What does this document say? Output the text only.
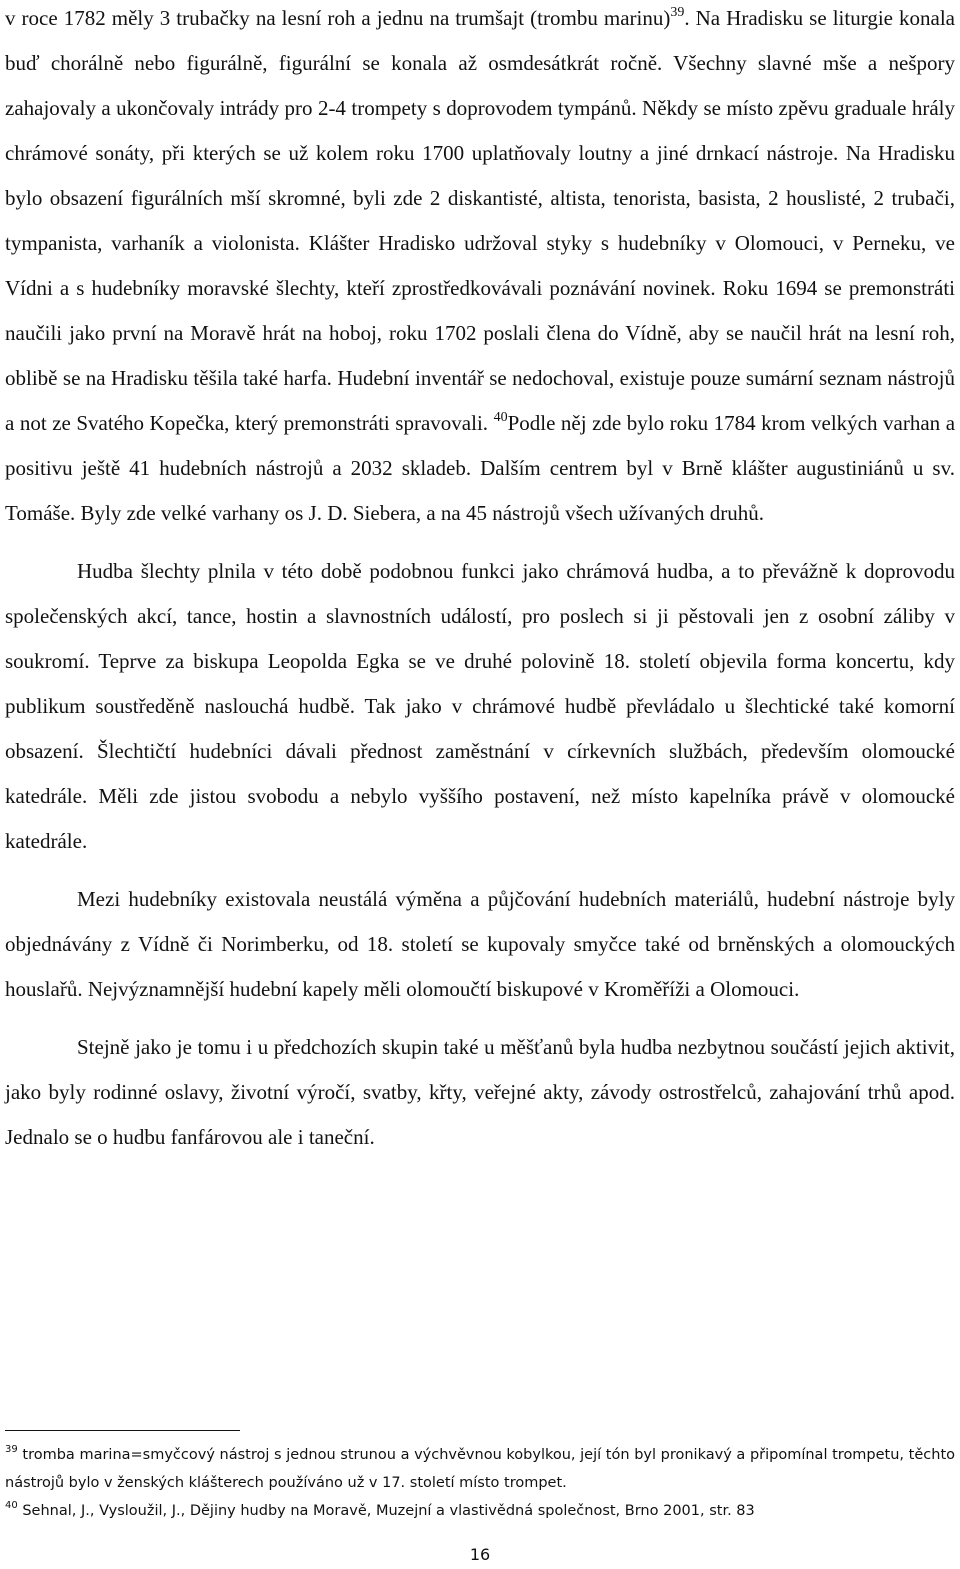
v roce 1782 měly 3 trubačky na lesní roh a jednu na trumšajt (trombu marinu)$^{39}$. Na Hradisku se liturgie konala buď chorálně nebo figurálně, figurální se konala až osmdesátkrát ročně. Všechny slavné mše a nešpory zahajovaly a ukončovaly intrády pro 2-4 trompety s doprovodem tympánů. Někdy se místo zpěvu graduale hrály chrámové sonáty, při kterých se už kolem roku 1700 uplatňovaly loutny a jiné drnkací nástroje. Na Hradisku bylo obsazení figurálních mší skromné, byli zde 2 diskantisté, altista, tenorista, basista, 2 houslisté, 2 trubači, tympanista, varhaník a violonista. Klášter Hradisko udržoval styky s hudebníky v Olomouci, v Perneku, ve Vídni a s hudebníky moravské šlechty, kteří zprostředkovávali poznávání novinek. Roku 1694 se premonstráti naučili jako první na Moravě hrát na hoboj, roku 1702 poslali člena do Vídně, aby se naučil hrát na lesní roh, oblibě se na Hradisku těšila také harfa. Hudební inventář se nedochoval, existuje pouze sumární seznam nástrojů a not ze Svatého Kopečka, který premonstráti spravovali. $^{40}$Podle něj zde bylo roku 1784 krom velkých varhan a positivu ještě 41 hudebních nástrojů a 2032 skladeb. Dalším centrem byl v Brně klášter augustiniánů u sv. Tomáše. Byly zde velké varhany os J. D. Siebera, a na 45 nástrojů všech užívaných druhů.

Hudba šlechty plnila v této době podobnou funkci jako chrámová hudba, a to převážně k doprovodu společenských akcí, tance, hostin a slavnostních událostí, pro poslech si ji pěstovali jen z osobní záliby v soukromí. Teprve za biskupa Leopolda Egka se ve druhé polovině 18. století objevila forma koncertu, kdy publikum soustředěně naslouchá hudbě. Tak jako v chrámové hudbě převládalo u šlechtické také komorní obsazení. Šlechtičtí hudebníci dávali přednost zaměstnání v církevních službách, především olomoucké katedrále. Měli zde jistou svobodu a nebylo vyššího postavení, než místo kapelníka právě v olomoucké katedrále.

Mezi hudebníky existovala neustálá výměna a půjčování hudebních materiálů, hudební nástroje byly objednávány z Vídně či Norimberku, od 18. století se kupovaly smyčce také od brněnských a olomouckých houslařů. Nejvýznamnější hudební kapely měli olomoučtí biskupové v Kroměříži a Olomouci.

Stejně jako je tomu i u předchozích skupin také u měšťanů byla hudba nezbytnou součástí jejich aktivit, jako byly rodinné oslavy, životní výročí, svatby, křty, veřejné akty, závody ostrostřelců, zahajování trhů apod. Jednalo se o hudbu fanfárovou ale i taneční.

$^{39}$ tromba marina=smyčcový nástroj s jednou strunou a výchvěvnou kobylkou, její tón byl pronikavý a připomínal trompetu, těchto nástrojů bylo v ženských klášterech používáno už v 17. století místo trompet.

$^{40}$ Sehnal, J., Vysloužil, J., Dějiny hudby na Moravě, Muzejní a vlastivědná společnost, Brno 2001, str. 83

16
